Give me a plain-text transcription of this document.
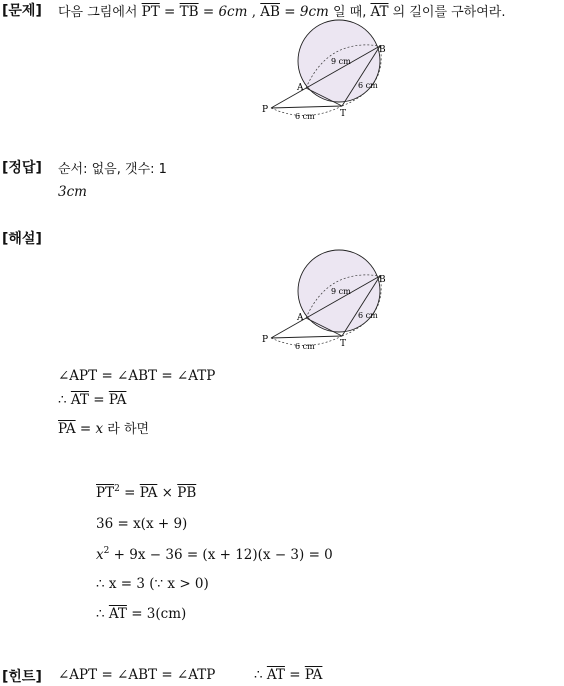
[문제] 다음 그림에서 $\overline{PT} = \overline{TB} = 6cm$ , $\overline{AB} = 9cm$ 일 때, $\overline{AT}$ 의 길이를 구하여라.
P	T
A
B
9 cm
6 cm
6 cm
[정답] 순서: 없음, 갯수: 1
3cm
[해설]
P	T
A
B
9 cm
6 cm
6 cm
∠APT = ∠ABT = ∠ATP
∴ $\overline{AT} = \overline{PA}$
$\overline{PA} = x$ 라 하면
$\overline{PT}^2 = \overline{PA} \times \overline{PB}$
36 = x(x + 9)
$x^2 + 9x - 36 = (x + 12)(x - 3) = 0$
∴ x = 3 (∵ x > 0)
∴ $\overline{AT} = 3(cm)$
[힌트] ∠APT = ∠ABT = ∠ATP	∴ $\overline{AT} = \overline{PA}$
